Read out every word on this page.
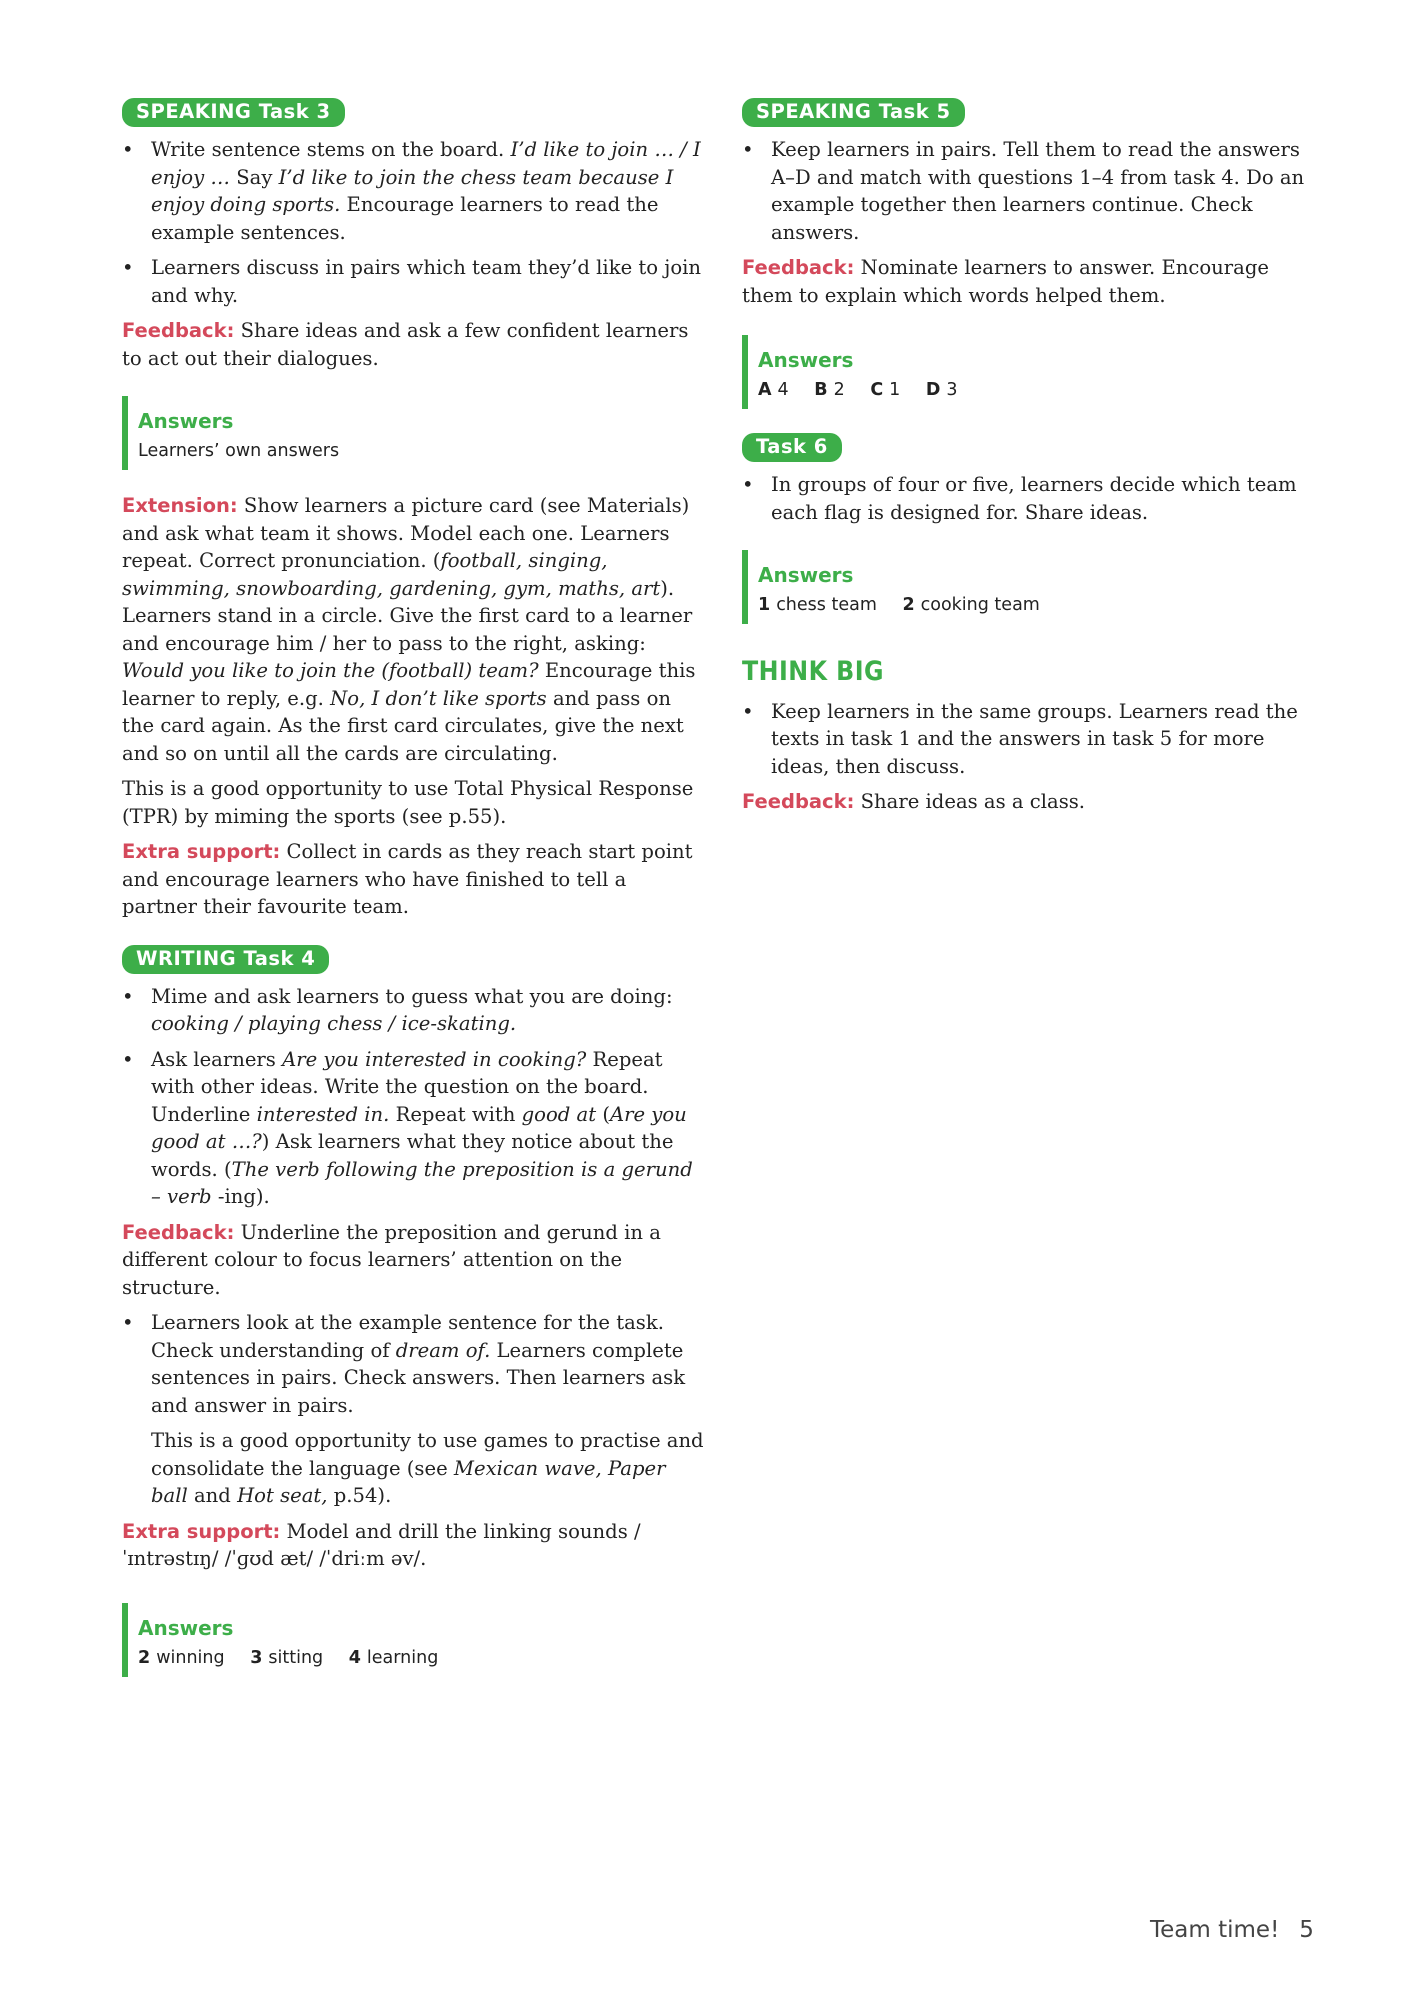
SPEAKING Task 3
• Write sentence stems on the board. I’d like to join … / I enjoy … Say I’d like to join the chess team because I enjoy doing sports. Encourage learners to read the example sentences.
• Learners discuss in pairs which team they’d like to join and why.

Feedback: Share ideas and ask a few confident learners to act out their dialogues.

Answers
Learners’ own answers

Extension: Show learners a picture card (see Materials) and ask what team it shows. Model each one. Learners repeat. Correct pronunciation. (football, singing, swimming, snowboarding, gardening, gym, maths, art). Learners stand in a circle. Give the first card to a learner and encourage him / her to pass to the right, asking: Would you like to join the (football) team? Encourage this learner to reply, e.g. No, I don’t like sports and pass on the card again. As the first card circulates, give the next and so on until all the cards are circulating.

This is a good opportunity to use Total Physical Response (TPR) by miming the sports (see p.55).

Extra support: Collect in cards as they reach start point and encourage learners who have finished to tell a partner their favourite team.

WRITING Task 4
• Mime and ask learners to guess what you are doing: cooking / playing chess / ice-skating.
• Ask learners Are you interested in cooking? Repeat with other ideas. Write the question on the board. Underline interested in. Repeat with good at (Are you good at …?) Ask learners what they notice about the words. (The verb following the preposition is a gerund – verb -ing).

Feedback: Underline the preposition and gerund in a different colour to focus learners’ attention on the structure.

• Learners look at the example sentence for the task. Check understanding of dream of. Learners complete sentences in pairs. Check answers. Then learners ask and answer in pairs.

This is a good opportunity to use games to practise and consolidate the language (see Mexican wave, Paper ball and Hot seat, p.54).

Extra support: Model and drill the linking sounds /ˈɪntrəstɪŋ/ /ˈɡʊd æt/ /ˈdriːm əv/.

Answers
2 winning 3 sitting 4 learning
SPEAKING Task 5
• Keep learners in pairs. Tell them to read the answers A–D and match with questions 1–4 from task 4. Do an example together then learners continue. Check answers.

Feedback: Nominate learners to answer. Encourage them to explain which words helped them.

Answers
A 4 B 2 C 1 D 3
Task 6
• In groups of four or five, learners decide which team each flag is designed for. Share ideas.
Answers
1 chess team 2 cooking team
THINK BIG
• Keep learners in the same groups. Learners read the texts in task 1 and the answers in task 5 for more ideas, then discuss.

Feedback: Share ideas as a class.

Team time! 5
